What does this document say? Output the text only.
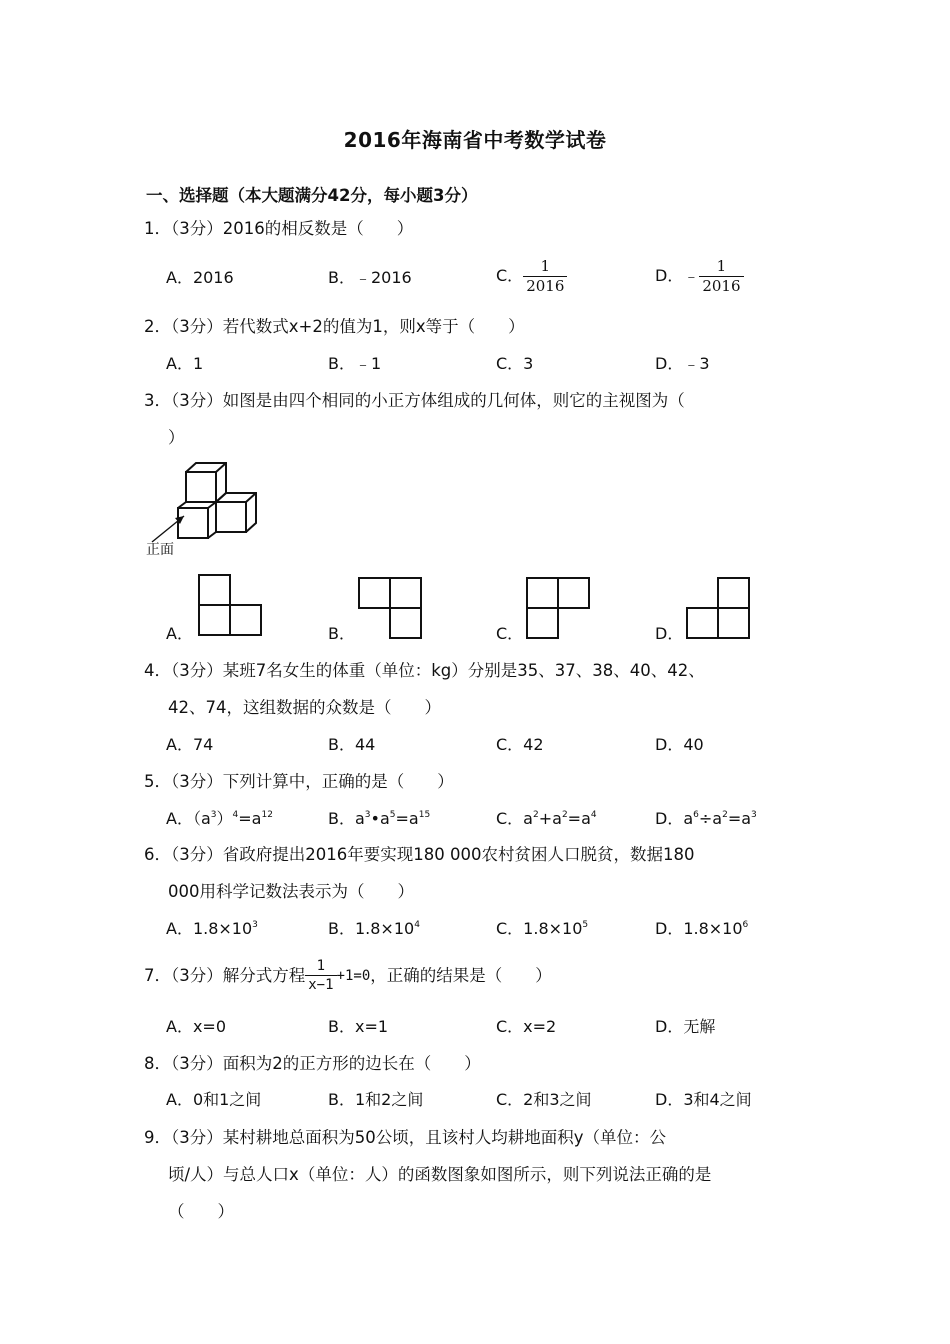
2016年海南省中考数学试卷
一、选择题（本大题满分42分，每小题3分）
1．（3分）2016的相反数是（　　）
A．2016	B．﹣2016	C． $\frac{1}{2016}$	D．﹣ $\frac{1}{2016}$
2．（3分）若代数式x+2的值为1，则x等于（　　）
A．1	B．﹣1	C．3	D．﹣3
3．（3分）如图是由四个相同的小正方体组成的几何体，则它的主视图为（
）
正面
A．	B．	C．	D．
4．（3分）某班7名女生的体重（单位：kg）分别是35、37、38、40、42、
42、74，这组数据的众数是（　　）
A．74	B．44	C．42	D．40
5．（3分）下列计算中，正确的是（　　）
A．$(a^3)^4=a^{12}$	B．$a^3•a^5=a^{15}$	C．$a^2+a^2=a^4$	D．$a^6\div a^2=a^3$
6．（3分）省政府提出2016年要实现180 000农村贫困人口脱贫，数据180
000用科学记数法表示为（　　）
A．$1.8\times 10^3$	B．$1.8\times 10^4$	C．$1.8\times 10^5$	D．$1.8\times 10^6$
7．（3分）解分式方程 $\frac{1}{x-1} +1=0$ ，正确的结果是（　　）
A．x=0	B．x=1	C．x=2	D．无解
8．（3分）面积为2的正方形的边长在（　　）
A．0和1之间	B．1和2之间	C．2和3之间	D．3和4之间
9．（3分）某村耕地总面积为50公顷，且该村人均耕地面积y（单位：公
顷/人）与总人口x（单位：人）的函数图象如图所示，则下列说法正确的是
（　　）
